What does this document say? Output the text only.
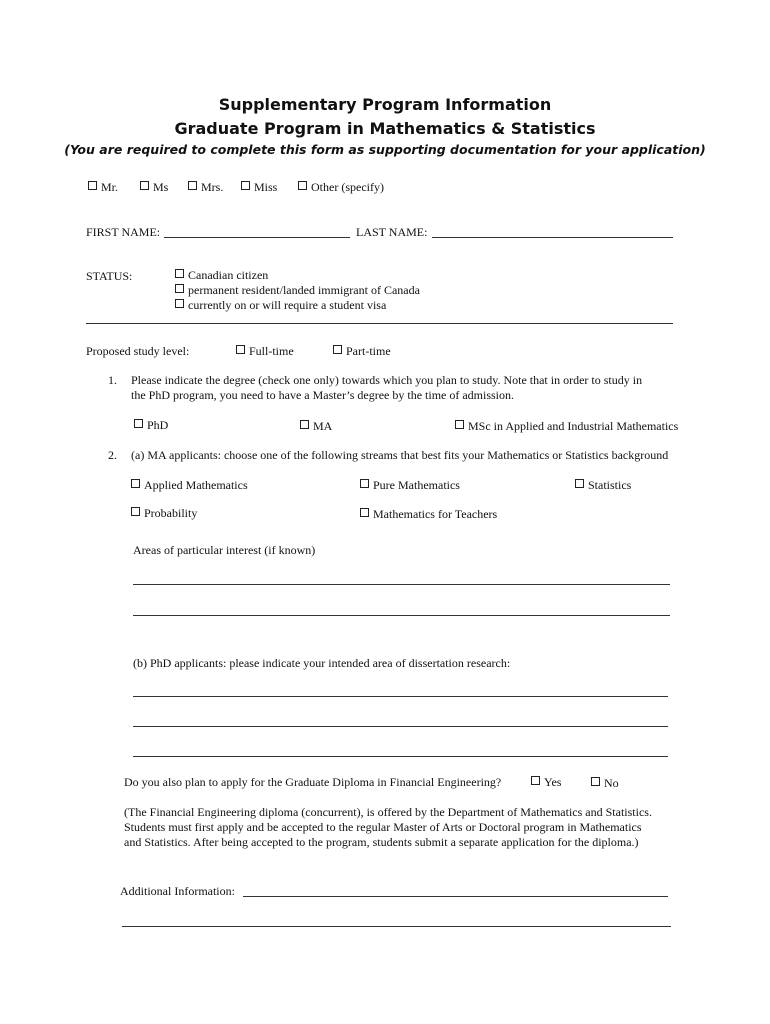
Supplementary Program Information
Graduate Program in Mathematics & Statistics
(You are required to complete this form as supporting documentation for your application)
Mr.	Ms	Mrs.	Miss	Other (specify)
FIRST NAME:	LAST NAME:
STATUS:	Canadian citizen
permanent resident/landed immigrant of Canada
currently on or will require a student visa
Proposed study level:	Full-time	Part-time
1. Please indicate the degree (check one only) towards which you plan to study. Note that in order to study in
the PhD program, you need to have a Master’s degree by the time of admission.
PhD	MA	MSc in Applied and Industrial Mathematics
2. (a) MA applicants: choose one of the following streams that best fits your Mathematics or Statistics background
Applied Mathematics	Pure Mathematics	Statistics
Probability	Mathematics for Teachers
Areas of particular interest (if known)
(b) PhD applicants: please indicate your intended area of dissertation research:
Do you also plan to apply for the Graduate Diploma in Financial Engineering?	Yes	No
(The Financial Engineering diploma (concurrent), is offered by the Department of Mathematics and Statistics.
Students must first apply and be accepted to the regular Master of Arts or Doctoral program in Mathematics
and Statistics. After being accepted to the program, students submit a separate application for the diploma.)
Additional Information:
